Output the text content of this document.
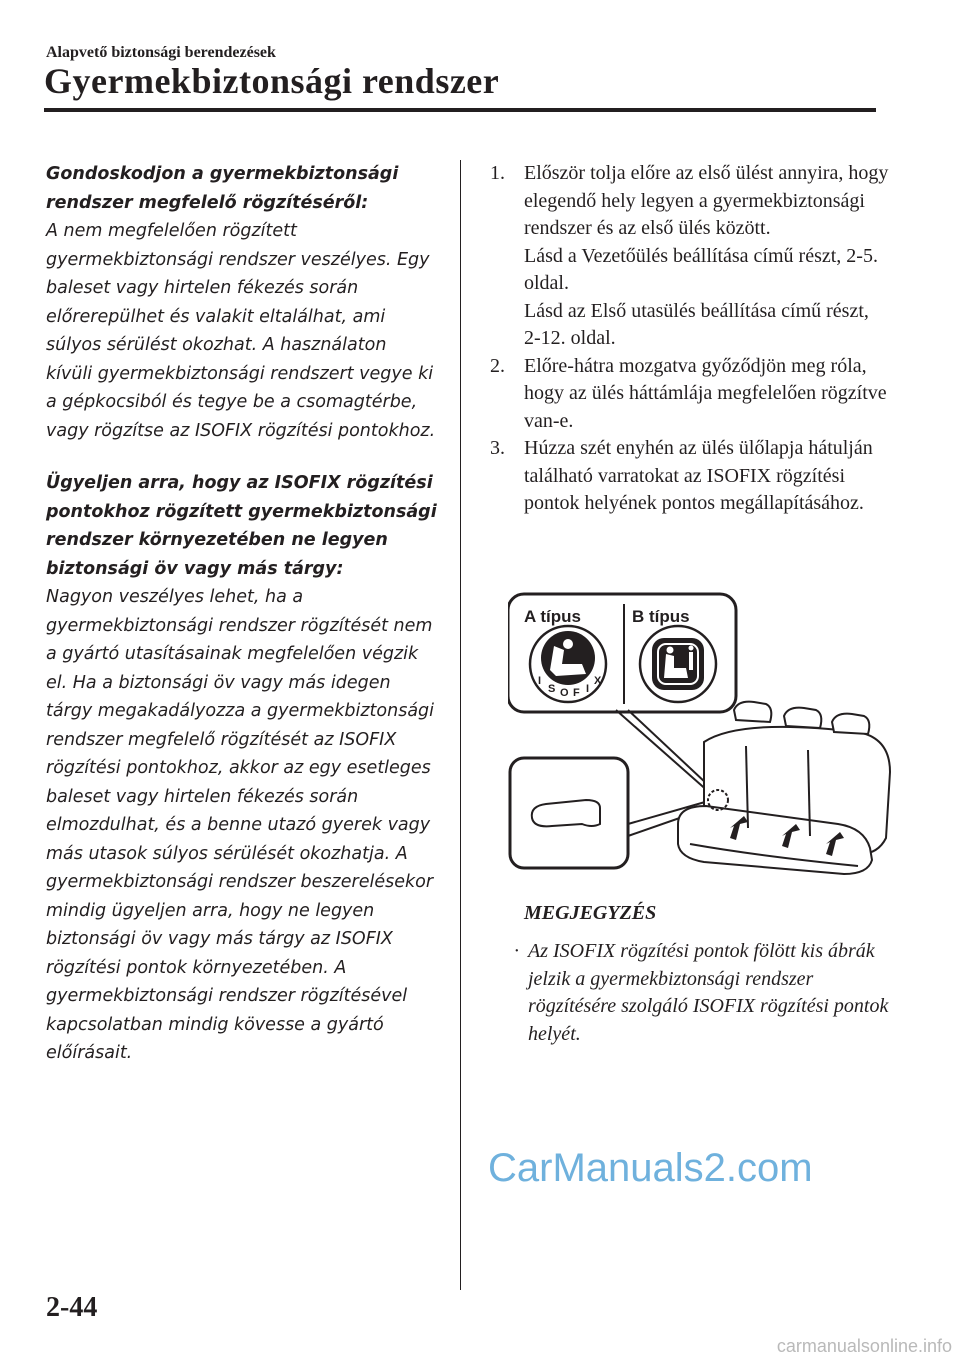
Alapvető biztonsági berendezések
Gyermekbiztonsági rendszer
Gondoskodjon a gyermekbiztonsági rendszer megfelelő rögzítéséről:
A nem megfelelően rögzített gyermekbiztonsági rendszer veszélyes. Egy baleset vagy hirtelen fékezés során előrerepülhet és valakit eltalálhat, ami súlyos sérülést okozhat. A használaton kívüli gyermekbiztonsági rendszert vegye ki a gépkocsiból és tegye be a csomagtérbe, vagy rögzítse az ISOFIX rögzítési pontokhoz.
Ügyeljen arra, hogy az ISOFIX rögzítési pontokhoz rögzített gyermekbiztonsági rendszer környezetében ne legyen biztonsági öv vagy más tárgy:
Nagyon veszélyes lehet, ha a gyermekbiztonsági rendszer rögzítését nem a gyártó utasításainak megfelelően végzik el. Ha a biztonsági öv vagy más idegen tárgy megakadályozza a gyermekbiztonsági rendszer megfelelő rögzítését az ISOFIX rögzítési pontokhoz, akkor az egy esetleges baleset vagy hirtelen fékezés során elmozdulhat, és a benne utazó gyerek vagy más utasok súlyos sérülését okozhatja. A gyermekbiztonsági rendszer beszerelésekor mindig ügyeljen arra, hogy ne legyen biztonsági öv vagy más tárgy az ISOFIX rögzítési pontok környezetében. A gyermekbiztonsági rendszer rögzítésével kapcsolatban mindig kövesse a gyártó előírásait.
1. Először tolja előre az első ülést annyira, hogy elegendő hely legyen a gyermekbiztonsági rendszer és az első ülés között.
Lásd a Vezetőülés beállítása című részt, 2-5. oldal.
Lásd az Első utasülés beállítása című részt, 2-12. oldal.
2. Előre-hátra mozgatva győződjön meg róla, hogy az ülés háttámlája megfelelően rögzítve van-e.
3. Húzza szét enyhén az ülés ülőlapja hátulján található varratokat az ISOFIX rögzítési pontok helyének pontos megállapításához.
A típus	B típus
I
S O F I
X
MEGJEGYZÉS
· Az ISOFIX rögzítési pontok fölött kis ábrák jelzik a gyermekbiztonsági rendszer rögzítésére szolgáló ISOFIX rögzítési pontok helyét.
CarManuals2.com
2-44
carmanualsonline.info
